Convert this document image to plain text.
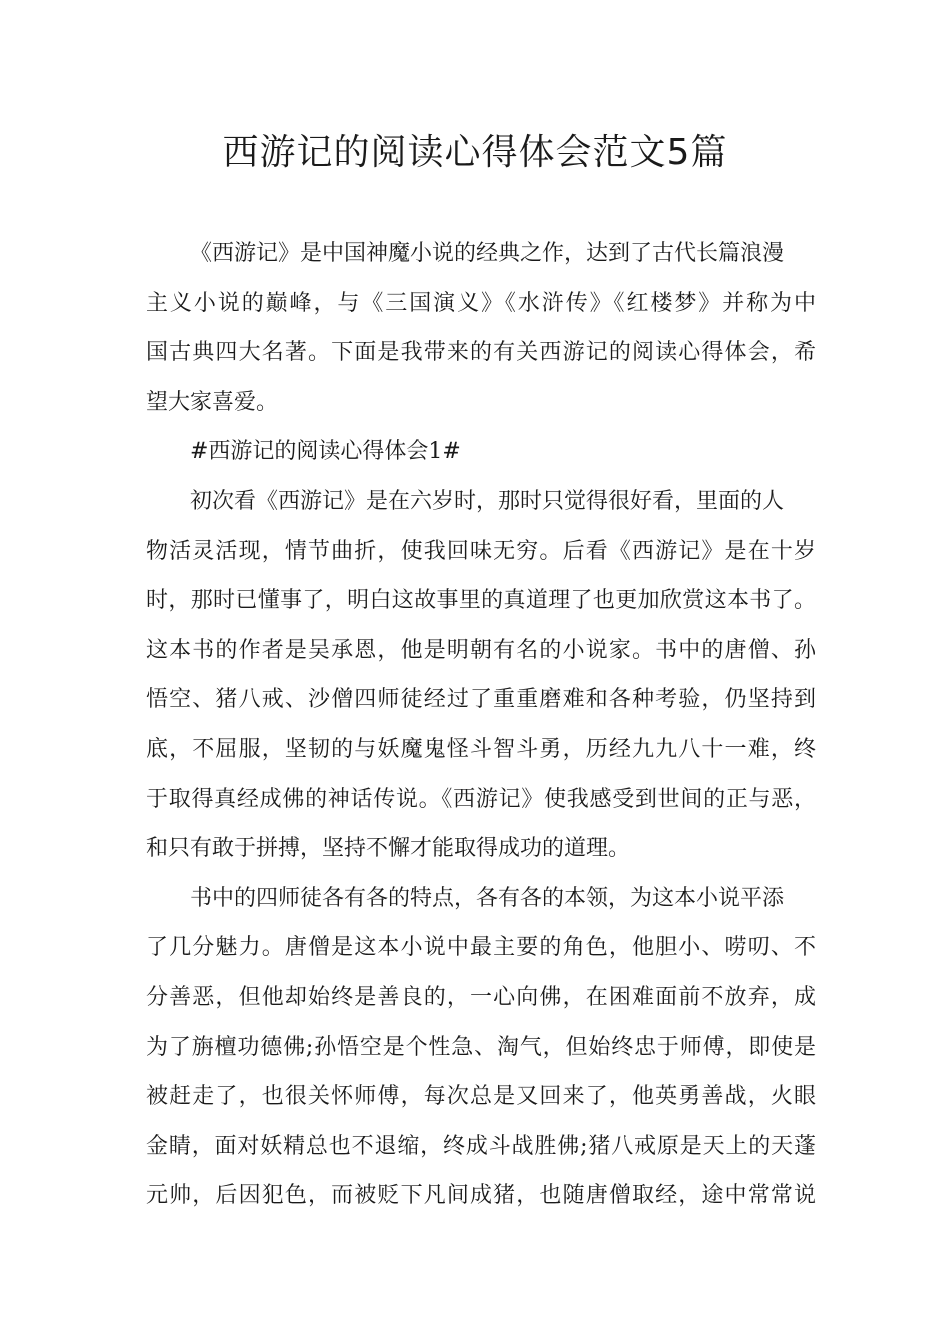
西游记的阅读心得体会范文5篇
《西游记》是中国神魔小说的经典之作，达到了古代长篇浪漫
主义小说的巅峰，与《三国演义》《水浒传》《红楼梦》并称为中
国古典四大名著。下面是我带来的有关西游记的阅读心得体会，希
望大家喜爱。
#西游记的阅读心得体会1#
初次看《西游记》是在六岁时，那时只觉得很好看，里面的人
物活灵活现，情节曲折，使我回味无穷。后看《西游记》是在十岁
时，那时已懂事了，明白这故事里的真道理了也更加欣赏这本书了。
这本书的作者是吴承恩，他是明朝有名的小说家。书中的唐僧、孙
悟空、猪八戒、沙僧四师徒经过了重重磨难和各种考验，仍坚持到
底，不屈服，坚韧的与妖魔鬼怪斗智斗勇，历经九九八十一难，终
于取得真经成佛的神话传说。《西游记》使我感受到世间的正与恶，
和只有敢于拼搏，坚持不懈才能取得成功的道理。
书中的四师徒各有各的特点，各有各的本领，为这本小说平添
了几分魅力。唐僧是这本小说中最主要的角色，他胆小、唠叨、不
分善恶，但他却始终是善良的，一心向佛，在困难面前不放弃，成
为了旃檀功德佛;孙悟空是个性急、淘气，但始终忠于师傅，即使是
被赶走了，也很关怀师傅，每次总是又回来了，他英勇善战，火眼
金睛，面对妖精总也不退缩，终成斗战胜佛;猪八戒原是天上的天蓬
元帅，后因犯色，而被贬下凡间成猪，也随唐僧取经，途中常常说
